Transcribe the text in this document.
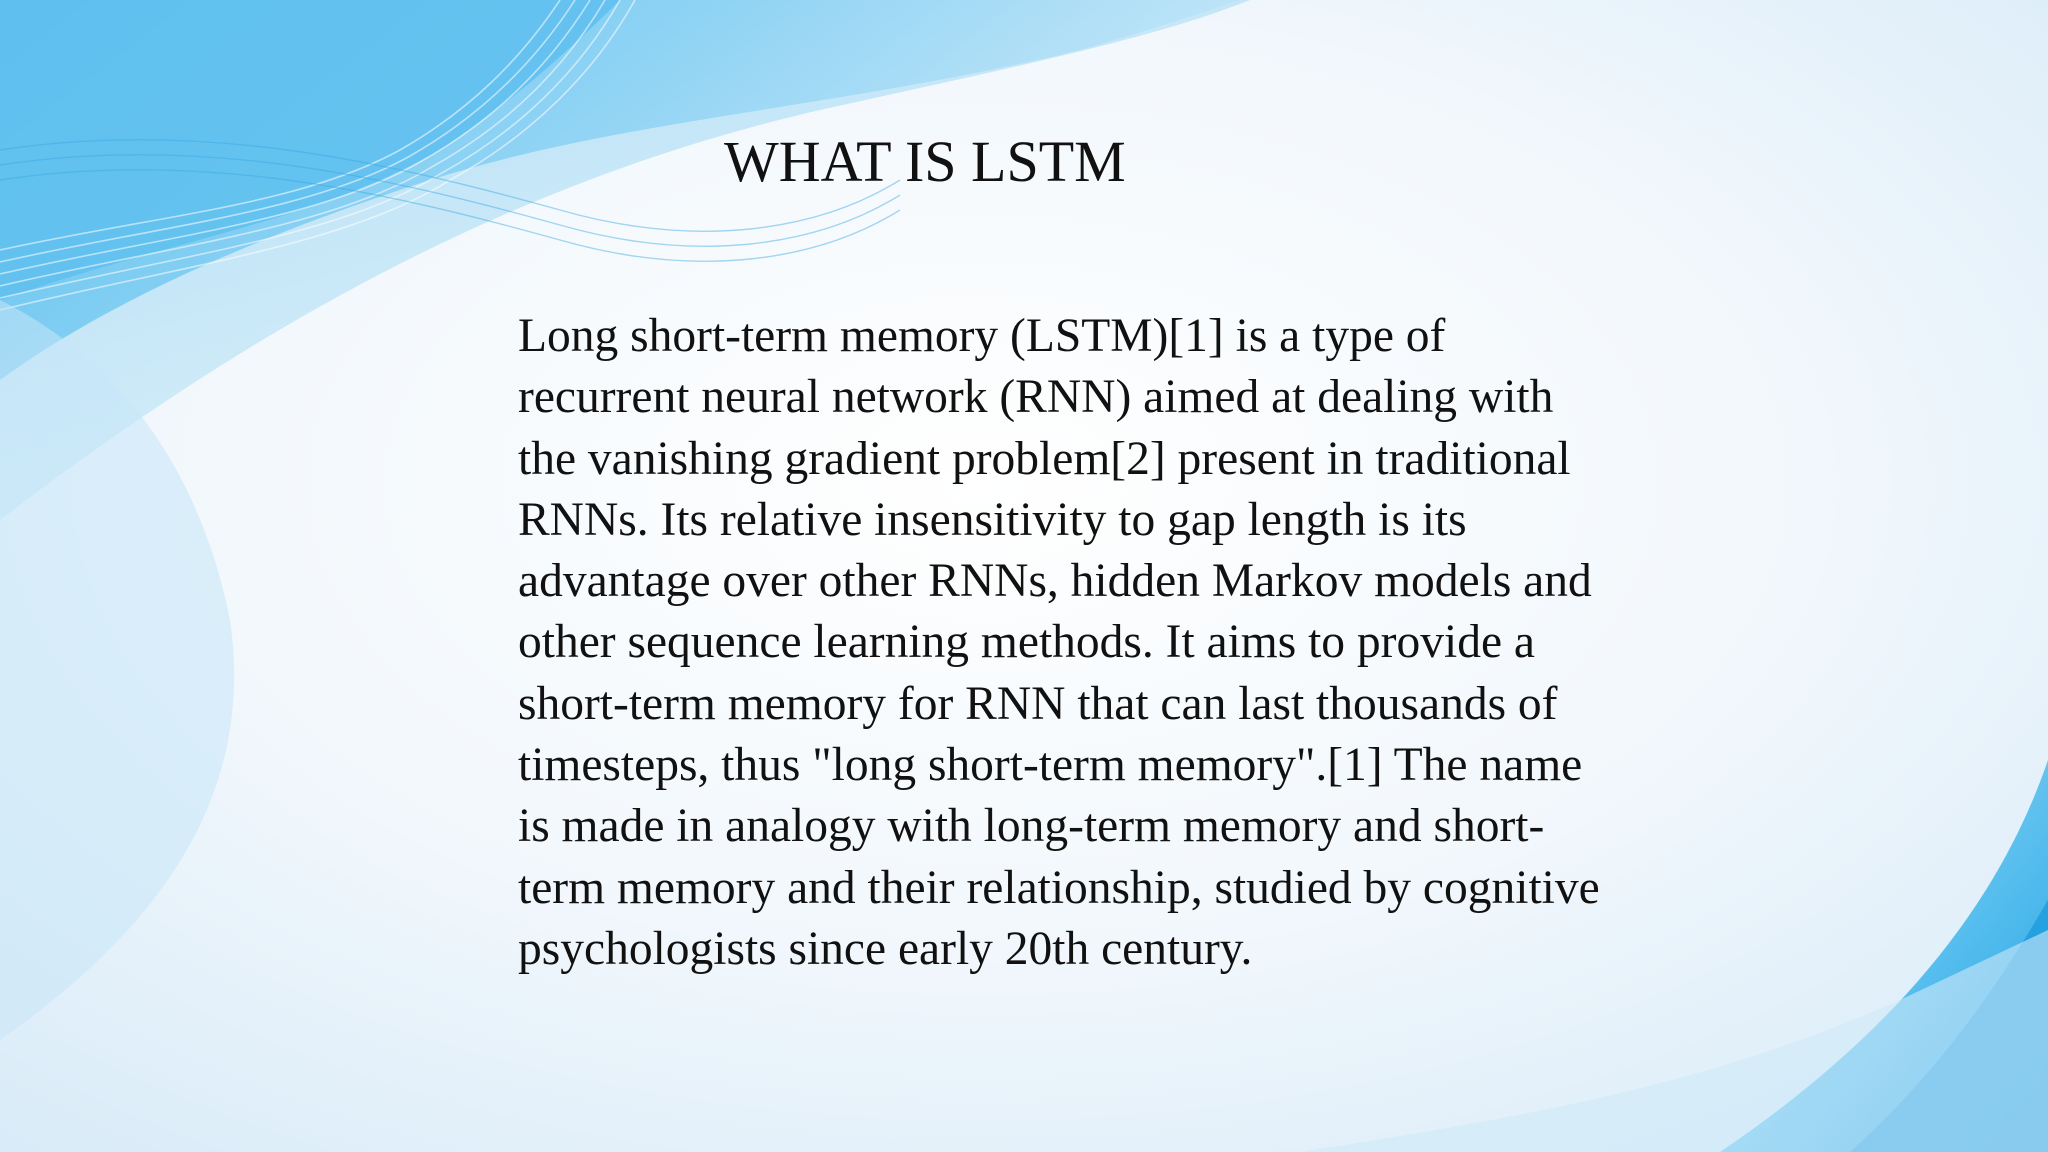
WHAT IS LSTM

Long short-term memory (LSTM)[1] is a type of
recurrent neural network (RNN) aimed at dealing with
the vanishing gradient problem[2] present in traditional
RNNs. Its relative insensitivity to gap length is its
advantage over other RNNs, hidden Markov models and
other sequence learning methods. It aims to provide a
short-term memory for RNN that can last thousands of
timesteps, thus "long short-term memory".[1] The name
is made in analogy with long-term memory and short-
term memory and their relationship, studied by cognitive
psychologists since early 20th century.
